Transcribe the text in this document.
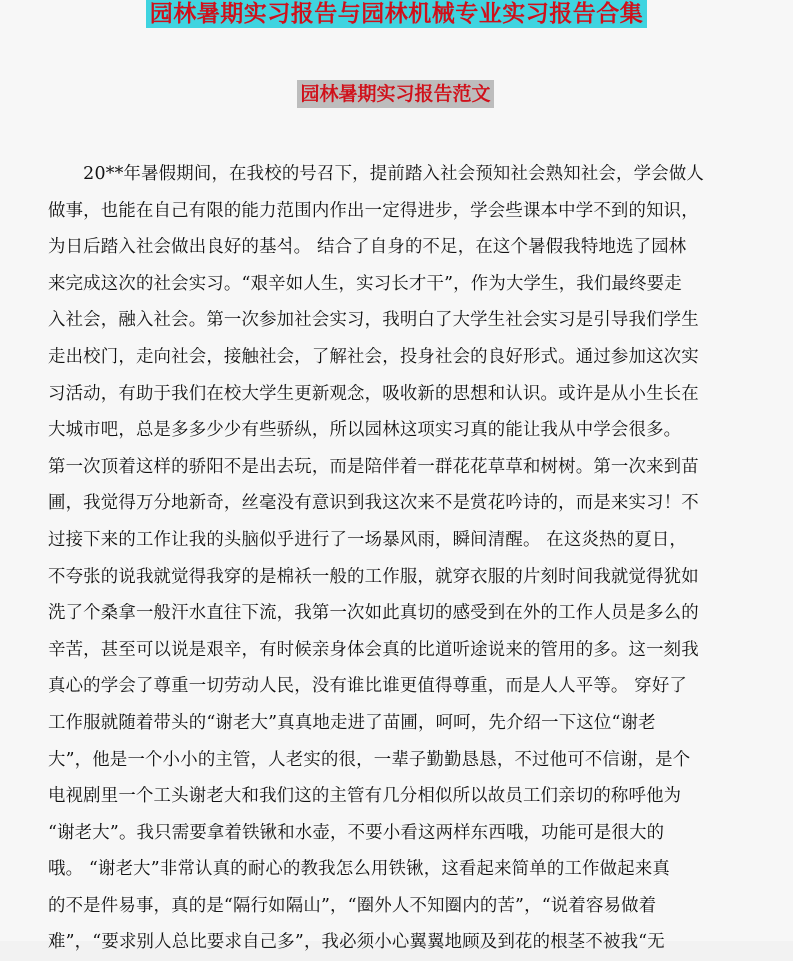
园林暑期实习报告与园林机械专业实习报告合集
园林暑期实习报告范文
　　20**年暑假期间，在我校的号召下，提前踏入社会预知社会熟知社会，学会做人
做事，也能在自己有限的能力范围内作出一定得进步，学会些课本中学不到的知识，
为日后踏入社会做出良好的基석。 结合了自身的不足，在这个暑假我特地选了园林
来完成这次的社会实习。“艰辛如人生，实习长才干”，作为大学生，我们最终要走
入社会，融入社会。第一次参加社会实习，我明白了大学生社会实习是引导我们学生
走出校门，走向社会，接触社会，了解社会，投身社会的良好形式。通过参加这次实
习活动，有助于我们在校大学生更新观念，吸收新的思想和认识。或许是从小生长在
大城市吧，总是多多少少有些骄纵，所以园林这项实习真的能让我从中学会很多。
第一次顶着这样的骄阳不是出去玩，而是陪伴着一群花花草草和树树。第一次来到苗
圃，我觉得万分地新奇，丝毫没有意识到我这次来不是赏花吟诗的，而是来实习！不
过接下来的工作让我的头脑似乎进行了一场暴风雨，瞬间清醒。 在这炎热的夏日，
不夸张的说我就觉得我穿的是棉袄一般的工作服，就穿衣服的片刻时间我就觉得犹如
洗了个桑拿一般汗水直往下流，我第一次如此真切的感受到在外的工作人员是多么的
辛苦，甚至可以说是艰辛，有时候亲身体会真的比道听途说来的管用的多。这一刻我
真心的学会了尊重一切劳动人民，没有谁比谁更值得尊重，而是人人平等。 穿好了
工作服就随着带头的“谢老大”真真地走进了苗圃，呵呵，先介绍一下这位“谢老
大”，他是一个小小的主管，人老实的很，一辈子勤勤恳恳，不过他可不信谢，是个
电视剧里一个工头谢老大和我们这的主管有几分相似所以故员工们亲切的称呼他为
“谢老大”。我只需要拿着铁锹和水壶，不要小看这两样东西哦，功能可是很大的
哦。 “谢老大”非常认真的耐心的教我怎么用铁锹，这看起来简单的工作做起来真
的不是件易事，真的是“隔行如隔山”，“圈外人不知圈内的苦”，“说着容易做着
难”，“要求别人总比要求自己多”，我必须小心翼翼地顾及到花的根茎不被我“无
